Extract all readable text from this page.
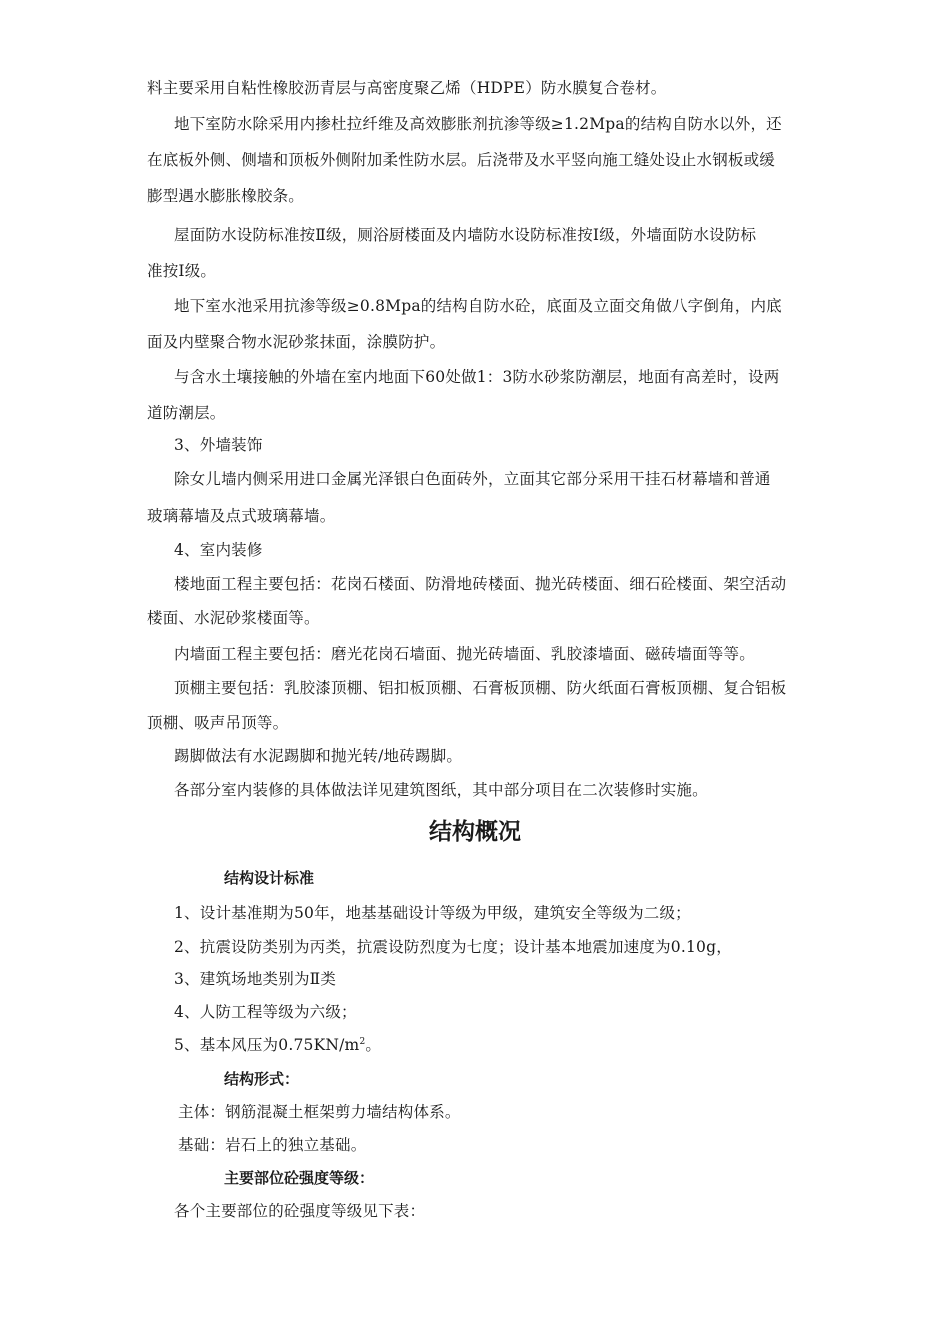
料主要采用自粘性橡胶沥青层与高密度聚乙烯（HDPE）防水膜复合卷材。
地下室防水除采用内掺杜拉纤维及高效膨胀剂抗渗等级≥1.2Mpa的结构自防水以外，还
在底板外侧、侧墙和顶板外侧附加柔性防水层。后浇带及水平竖向施工缝处设止水钢板或缓
膨型遇水膨胀橡胶条。
屋面防水设防标准按Ⅱ级，厕浴厨楼面及内墙防水设防标准按Ⅰ级，外墙面防水设防标
准按Ⅰ级。
地下室水池采用抗渗等级≥0.8Mpa的结构自防水砼，底面及立面交角做八字倒角，内底
面及内壁聚合物水泥砂浆抹面，涂膜防护。
与含水土壤接触的外墙在室内地面下60处做1：3防水砂浆防潮层，地面有高差时，设两
道防潮层。
3、外墙装饰
除女儿墙内侧采用进口金属光泽银白色面砖外，立面其它部分采用干挂石材幕墙和普通
玻璃幕墙及点式玻璃幕墙。
4、室内装修
楼地面工程主要包括：花岗石楼面、防滑地砖楼面、抛光砖楼面、细石砼楼面、架空活动
楼面、水泥砂浆楼面等。
内墙面工程主要包括：磨光花岗石墙面、抛光砖墙面、乳胶漆墙面、磁砖墙面等等。
顶棚主要包括：乳胶漆顶棚、铝扣板顶棚、石膏板顶棚、防火纸面石膏板顶棚、复合铝板
顶棚、吸声吊顶等。
踢脚做法有水泥踢脚和抛光转/地砖踢脚。
各部分室内装修的具体做法详见建筑图纸，其中部分项目在二次装修时实施。
结构概况
结构设计标准
1、设计基准期为50年，地基基础设计等级为甲级，建筑安全等级为二级；
2、抗震设防类别为丙类，抗震设防烈度为七度；设计基本地震加速度为0.10g，
3、建筑场地类别为Ⅱ类
4、人防工程等级为六级；
5、基本风压为$0.75KN/m^2$。
结构形式：
主体：钢筋混凝土框架剪力墙结构体系。
基础：岩石上的独立基础。
主要部位砼强度等级：
各个主要部位的砼强度等级见下表：
